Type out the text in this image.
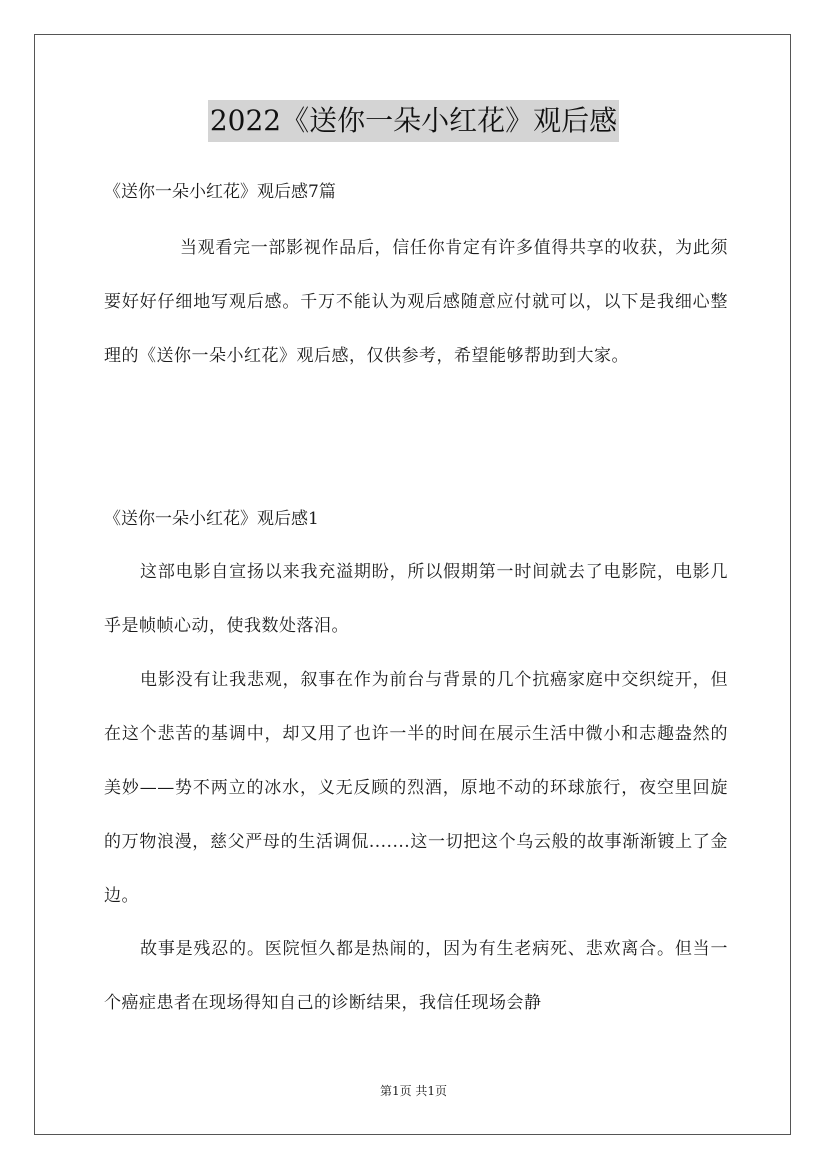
2022《送你一朵小红花》观后感
《送你一朵小红花》观后感7篇
当观看完一部影视作品后，信任你肯定有许多值得共享的收获，为此须要好好仔细地写观后感。千万不能认为观后感随意应付就可以，以下是我细心整理的《送你一朵小红花》观后感，仅供参考，希望能够帮助到大家。
《送你一朵小红花》观后感1
这部电影自宣扬以来我充溢期盼，所以假期第一时间就去了电影院，电影几乎是帧帧心动，使我数处落泪。
电影没有让我悲观，叙事在作为前台与背景的几个抗癌家庭中交织绽开，但在这个悲苦的基调中，却又用了也许一半的时间在展示生活中微小和志趣盎然的美妙——势不两立的冰水，义无反顾的烈酒，原地不动的环球旅行，夜空里回旋的万物浪漫，慈父严母的生活调侃.......这一切把这个乌云般的故事渐渐镀上了金边。
故事是残忍的。医院恒久都是热闹的，因为有生老病死、悲欢离合。但当一个癌症患者在现场得知自己的诊断结果，我信任现场会静
第1页 共1页
